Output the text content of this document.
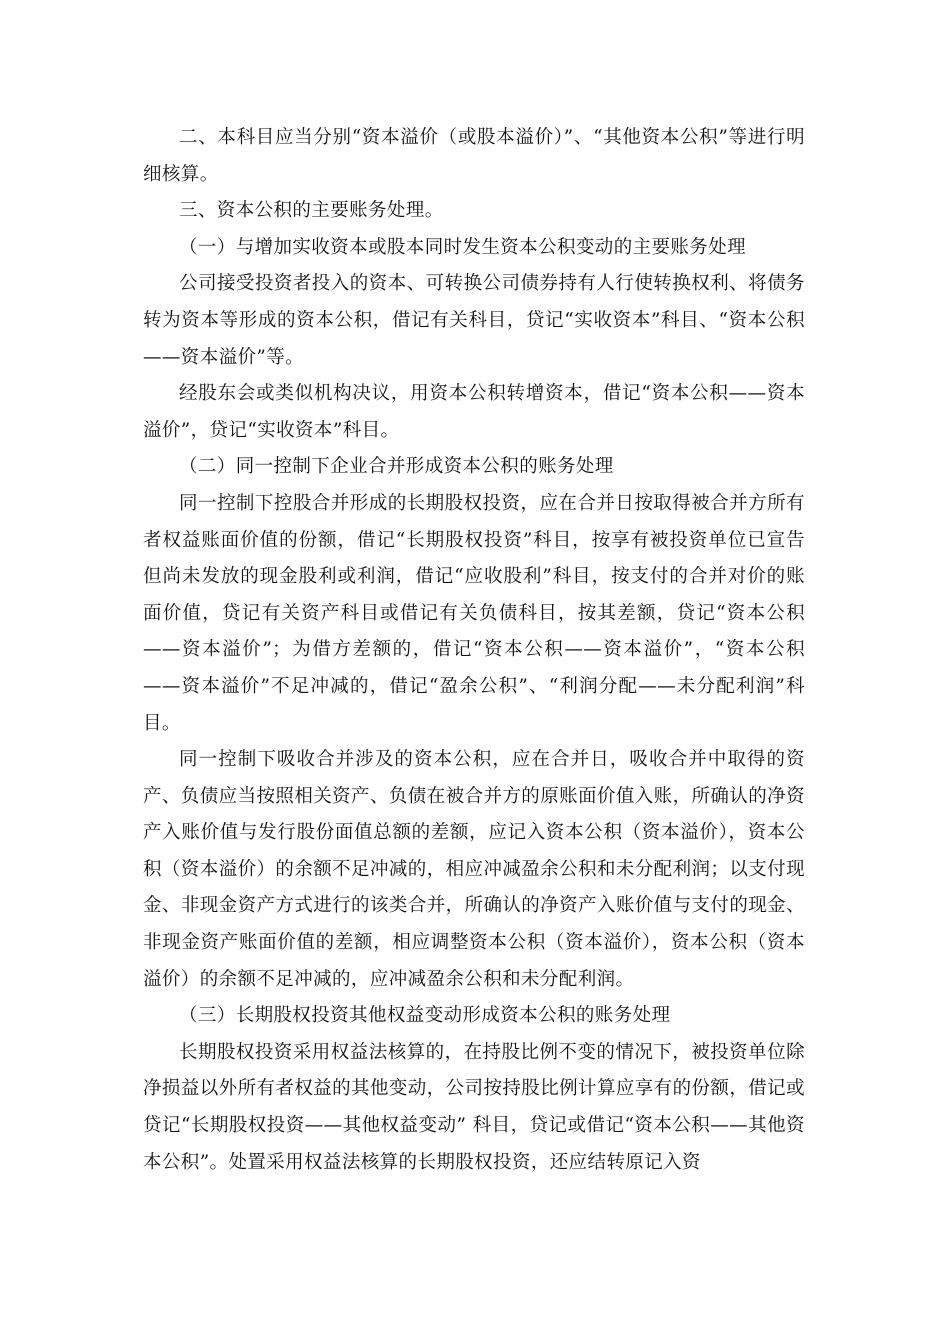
二、本科目应当分别“资本溢价（或股本溢价）”、“其他资本公积”等进行明细核算。

三、资本公积的主要账务处理。

（一）与增加实收资本或股本同时发生资本公积变动的主要账务处理

公司接受投资者投入的资本、可转换公司债券持有人行使转换权利、将债务转为资本等形成的资本公积，借记有关科目，贷记“实收资本”科目、“资本公积——资本溢价”等。

经股东会或类似机构决议，用资本公积转增资本，借记“资本公积——资本溢价”，贷记“实收资本”科目。

（二）同一控制下企业合并形成资本公积的账务处理

同一控制下控股合并形成的长期股权投资，应在合并日按取得被合并方所有者权益账面价值的份额，借记“长期股权投资”科目，按享有被投资单位已宣告但尚未发放的现金股利或利润，借记“应收股利”科目，按支付的合并对价的账面价值，贷记有关资产科目或借记有关负债科目，按其差额，贷记“资本公积——资本溢价”；为借方差额的，借记“资本公积——资本溢价”，“资本公积——资本溢价”不足冲减的，借记“盈余公积”、“利润分配——未分配利润”科目。

同一控制下吸收合并涉及的资本公积，应在合并日，吸收合并中取得的资产、负债应当按照相关资产、负债在被合并方的原账面价值入账，所确认的净资产入账价值与发行股份面值总额的差额，应记入资本公积（资本溢价），资本公积（资本溢价）的余额不足冲减的，相应冲减盈余公积和未分配利润；以支付现金、非现金资产方式进行的该类合并，所确认的净资产入账价值与支付的现金、非现金资产账面价值的差额，相应调整资本公积（资本溢价），资本公积（资本溢价）的余额不足冲减的，应冲减盈余公积和未分配利润。

（三）长期股权投资其他权益变动形成资本公积的账务处理

长期股权投资采用权益法核算的，在持股比例不变的情况下，被投资单位除净损益以外所有者权益的其他变动，公司按持股比例计算应享有的份额，借记或贷记“长期股权投资——其他权益变动” 科目，贷记或借记“资本公积——其他资本公积”。处置采用权益法核算的长期股权投资，还应结转原记入资
